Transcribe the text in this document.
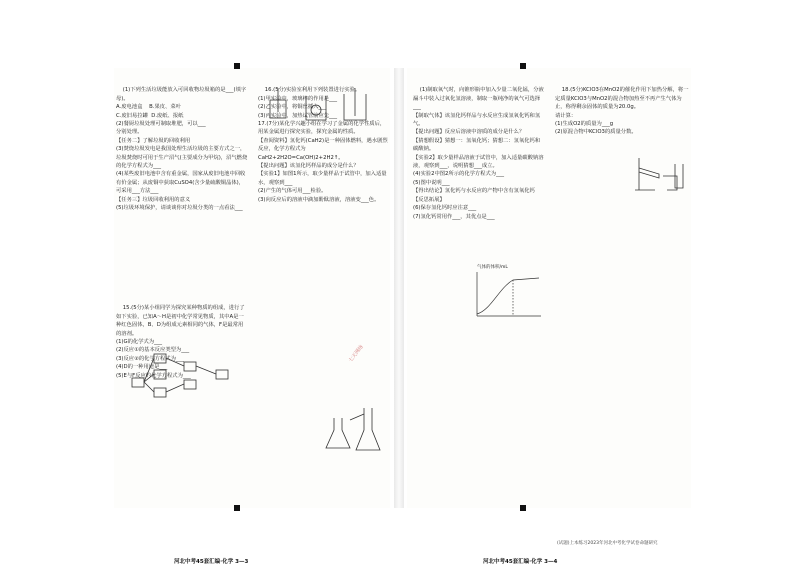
(1)下列生活垃圾能放入可回收物垃圾箱的是___(填字母)。
A.废电池盒    B.果皮、菜叶
C.废旧易拉罐  D.废纸、报纸
(2)餐厨垃圾处理可制取堆肥，可以___
分别处理。
【任务二】了解垃圾的回收利用
(3)焚烧垃圾发电是我国处理生活垃圾的主要方式之一，垃圾焚烧时可用于生产沼气(主要成分为甲烷)，沼气燃烧的化学方程式为___
(4)某些废旧电池中含有重金属，国家从废旧电池中回收有价金属；从废铜中获取CuSO4(含少量硫酸铜晶体)，可采用___方法___
【任务三】垃圾回收利用的意义
(5)垃圾环境保护，请谈谈你对垃圾分类的一点看法___

16.(5分)实验室利用下列装置进行实验。
(1)甲实验中，玻璃棒的作用是___
(2)乙实验中，将铜丝插入___
(3)丙实验中，加热试管前应先___
17.(7分)某化学兴趣小组在学习了金属的化学性质后，用某金属进行探究实验，探究金属的性质。
【查阅资料】氢化钙(CaH2)是一种固体燃料，遇水剧烈反应，化学方程式为CaH2+2H2O=Ca(OH)2+2H2↑。
【提出问题】该氢化钙样品的成分是什么？
【实验1】如图1所示，取少量样品于试管中，加入适量水，观察到___
(2)产生的气体可用___检验。
(3)向反应后的溶液中滴加酚酞溶液，溶液变___色。

15.(5分)某小组同学为探究某种物质的组成，进行了如下实验，已知A～H是初中化学常见物质，其中A是一种红色固体，B、D为组成元素相同的气体，F是最常用的溶剂。
(1)G的化学式为___
(2)反应①的基本反应类型为___
(3)反应②的化学方程式为___
(4)D的一种用途是___
(5)E与F反应的化学方程式为___

河北中考45套汇编·化学 3—3
七天网络

(1)制取氧气时，向锥形瓶中加入少量二氧化锰，分液漏斗中装入过氧化氢溶液，制取一瓶纯净的氧气可选择___
【制取气体】该氢化钙样品与水反应生成氢氧化钙和氢气。
【提出问题】反应后溶液中溶质的成分是什么？
【猜想假设】猜想一：氢氧化钙；猜想二：氢氧化钙和碳酸钠。
【实验2】取少量样品溶液于试管中，加入适量碳酸钠溶液，观察到___，说明猜想___成立。
(4)实验2中图2所示的化学方程式为___
(5)图中说明___
【得出结论】氢化钙与水反应的产物中含有氢氧化钙
【反思拓展】
(6)保存氢化钙时应注意___
(7)氢化钙常用作___，其优点是___

18.(5分)KClO3在MnO2的催化作用下加热分解，将一定质量KClO3与MnO2的混合物加热至不再产生气体为止，称得剩余固体的质量为20.0g。
请计算：
(1)生成O2的质量为___g
(2)原混合物中KClO3的质量分数。

气体的体积/mL
河北中考45套汇编·化学 3—4
(试题)上本练习2023年河北中考化学试卷命题研究
